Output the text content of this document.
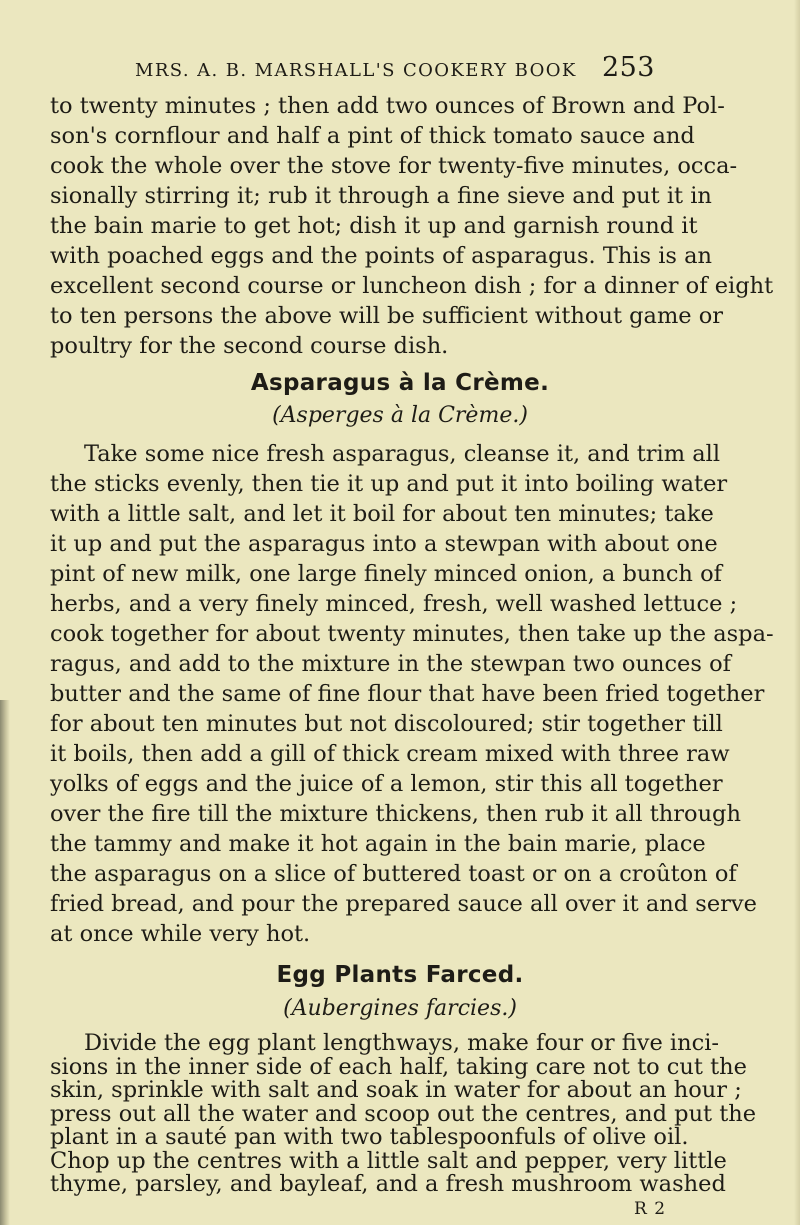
MRS. A. B. MARSHALL'S COOKERY BOOK 253
to twenty minutes ; then add two ounces of Brown and Pol-
son's cornflour and half a pint of thick tomato sauce and
cook the whole over the stove for twenty-five minutes, occa-
sionally stirring it; rub it through a fine sieve and put it in
the bain marie to get hot; dish it up and garnish round it
with poached eggs and the points of asparagus. This is an
excellent second course or luncheon dish ; for a dinner of eight
to ten persons the above will be sufficient without game or
poultry for the second course dish.
Asparagus à la Crème.
(Asperges à la Crème.)
Take some nice fresh asparagus, cleanse it, and trim all
the sticks evenly, then tie it up and put it into boiling water
with a little salt, and let it boil for about ten minutes; take
it up and put the asparagus into a stewpan with about one
pint of new milk, one large finely minced onion, a bunch of
herbs, and a very finely minced, fresh, well washed lettuce ;
cook together for about twenty minutes, then take up the aspa-
ragus, and add to the mixture in the stewpan two ounces of
butter and the same of fine flour that have been fried together
for about ten minutes but not discoloured; stir together till
it boils, then add a gill of thick cream mixed with three raw
yolks of eggs and the juice of a lemon, stir this all together
over the fire till the mixture thickens, then rub it all through
the tammy and make it hot again in the bain marie, place
the asparagus on a slice of buttered toast or on a croûton of
fried bread, and pour the prepared sauce all over it and serve
at once while very hot.
Egg Plants Farced.
(Aubergines farcies.)
Divide the egg plant lengthways, make four or five inci-
sions in the inner side of each half, taking care not to cut the
skin, sprinkle with salt and soak in water for about an hour ;
press out all the water and scoop out the centres, and put the
plant in a sauté pan with two tablespoonfuls of olive oil.
Chop up the centres with a little salt and pepper, very little
R 2
thyme, parsley, and bayleaf, and a fresh mushroom washed
